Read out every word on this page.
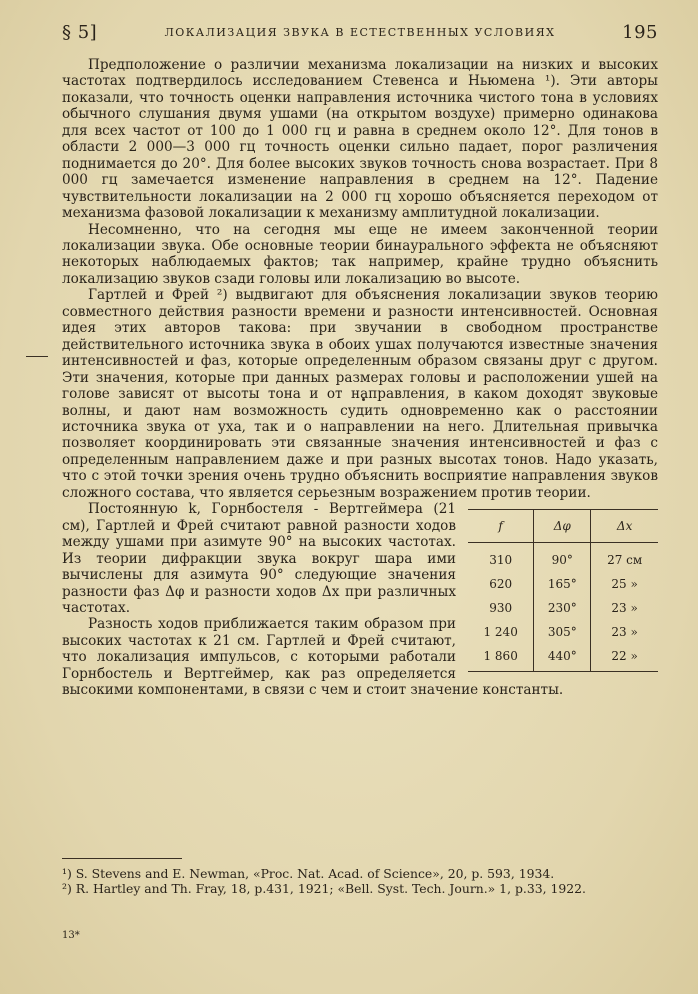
§ 5]	ЛОКАЛИЗАЦИЯ ЗВУКА В ЕСТЕСТВЕННЫХ УСЛОВИЯХ	195

Предположение о различии механизма локализации на низких и высоких частотах подтвердилось исследованием Стевенса и Ньюмена ¹). Эти авторы показали, что точность оценки направления источника чистого тона в условиях обычного слушания двумя ушами (на открытом воздухе) примерно одинакова для всех частот от 100 до 1 000 гц и равна в среднем около 12°. Для тонов в области 2 000—3 000 гц точность оценки сильно падает, порог различения поднимается до 20°. Для более высоких звуков точность снова возрастает. При 8 000 гц замечается изменение направления в среднем на 12°. Падение чувствительности локализации на 2 000 гц хорошо объясняется переходом от механизма фазовой локализации к механизму амплитудной локализации.

Несомненно, что на сегодня мы еще не имеем законченной теории локализации звука. Обе основные теории бинаурального эффекта не объясняют некоторых наблюдаемых фактов; так например, крайне трудно объяснить локализацию звуков сзади головы или локализацию во высоте.

Гартлей и Фрей ²) выдвигают для объяснения локализации звуков теорию совместного действия разности времени и разности интенсивностей. Основная идея этих авторов такова: при звучании в свободном пространстве действительного источника звука в обоих ушах получаются известные значения интенсивностей и фаз, которые определенным образом связаны друг с другом. Эти значения, которые при данных размерах головы и расположении ушей на голове зависят от высоты тона и от направления, в каком доходят звуковые волны, и дают нам возможность судить одновременно как о расстоянии источника звука от уха, так и о направлении на него. Длительная привычка позволяет координировать эти связанные значения интенсивностей и фаз с определенным направлением даже и при разных высотах тонов. Надо указать, что с этой точки зрения очень трудно объяснить восприятие направления звуков сложного состава, что является серьезным возражением против теории.

f	Δφ	Δx
310	90°	27 см
620	165°	25 »
930	230°	23 »
1 240	305°	23 »
1 860	440°	22 »

Постоянную k, Горнбостеля - Вертгеймера (21 см), Гартлей и Фрей считают равной разности ходов между ушами при азимуте 90° на высоких частотах. Из теории дифракции звука вокруг шара ими вычислены для азимута 90° следующие значения разности фаз Δφ и разности ходов Δx при различных частотах.

Разность ходов приближается таким образом при высоких частотах к 21 см. Гартлей и Фрей считают, что локализация импульсов, с которыми работали Горнбостель и Вертгеймер, как раз определяется высокими компонентами, в связи с чем и стоит значение константы.

¹) S. Stevens and E. Newman, «Proc. Nat. Acad. of Science», 20, p. 593, 1934.
²) R. Hartley and Th. Fray, 18, p.431, 1921; «Bell. Syst. Tech. Journ.» 1, p.33, 1922.
13*
